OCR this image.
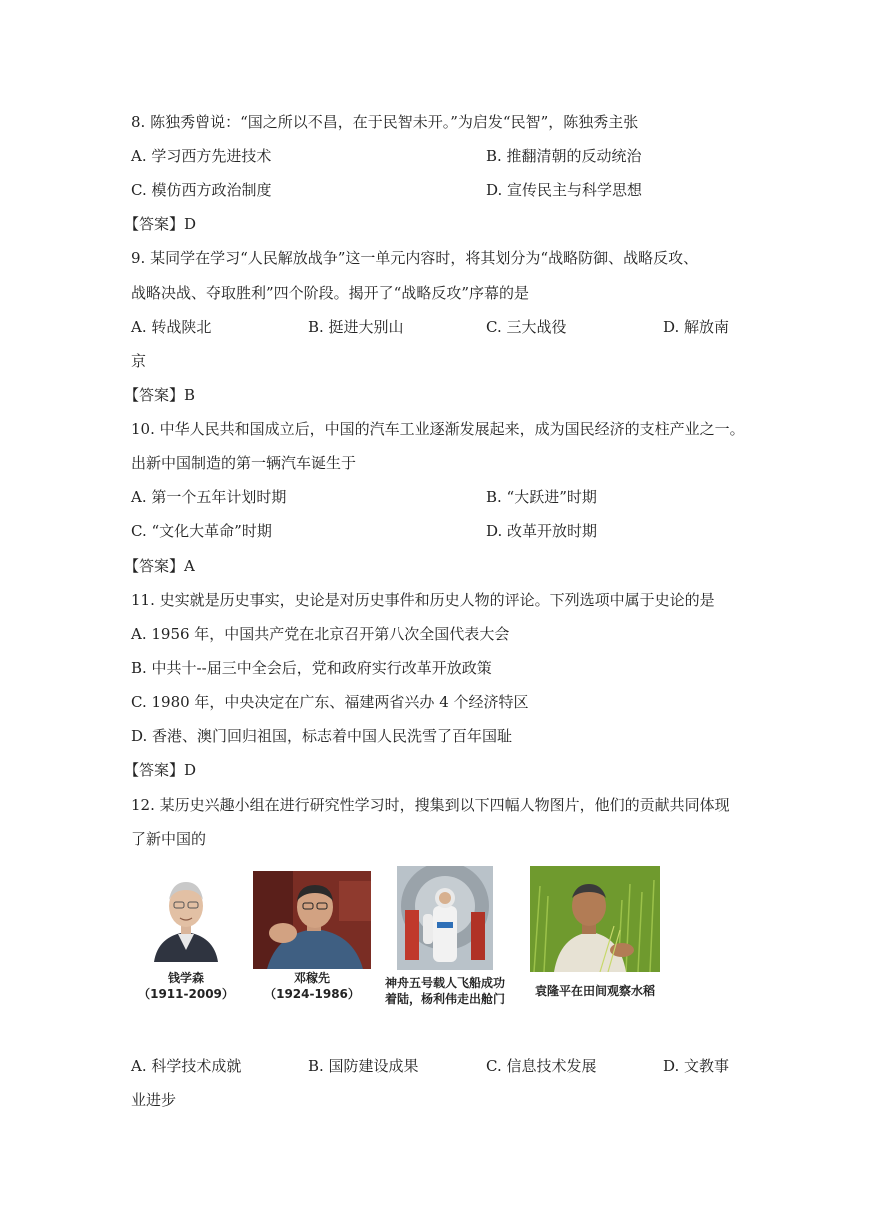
8. 陈独秀曾说：“国之所以不昌，在于民智未开。”为启发“民智”，陈独秀主张
A. 学习西方先进技术	B. 推翻清朝的反动统治
C. 模仿西方政治制度	D. 宣传民主与科学思想
【答案】D
9. 某同学在学习“人民解放战争”这一单元内容时，将其划分为“战略防御、战略反攻、
战略决战、夺取胜利”四个阶段。揭开了“战略反攻”序幕的是
A. 转战陕北	B. 挺进大别山	C. 三大战役	D. 解放南
京
【答案】B
10. 中华人民共和国成立后，中国的汽车工业逐渐发展起来，成为国民经济的支柱产业之一。
出新中国制造的第一辆汽车诞生于
A. 第一个五年计划时期	B. “大跃进”时期
C. “文化大革命”时期	D. 改革开放时期
【答案】A
11. 史实就是历史事实，史论是对历史事件和历史人物的评论。下列选项中属于史论的是
A. 1956 年，中国共产党在北京召开第八次全国代表大会
B. 中共十--届三中全会后，党和政府实行改革开放政策
C. 1980 年，中央决定在广东、福建两省兴办 4 个经济特区
D. 香港、澳门回归祖国，标志着中国人民洗雪了百年国耻
【答案】D
12. 某历史兴趣小组在进行研究性学习时，搜集到以下四幅人物图片，他们的贡献共同体现
了新中国的
钱学森
（1911-2009）
邓稼先
（1924-1986）
神舟五号载人飞船成功
着陆，杨利伟走出舱门
袁隆平在田间观察水稻
A. 科学技术成就	B. 国防建设成果	C. 信息技术发展	D. 文教事
业进步
